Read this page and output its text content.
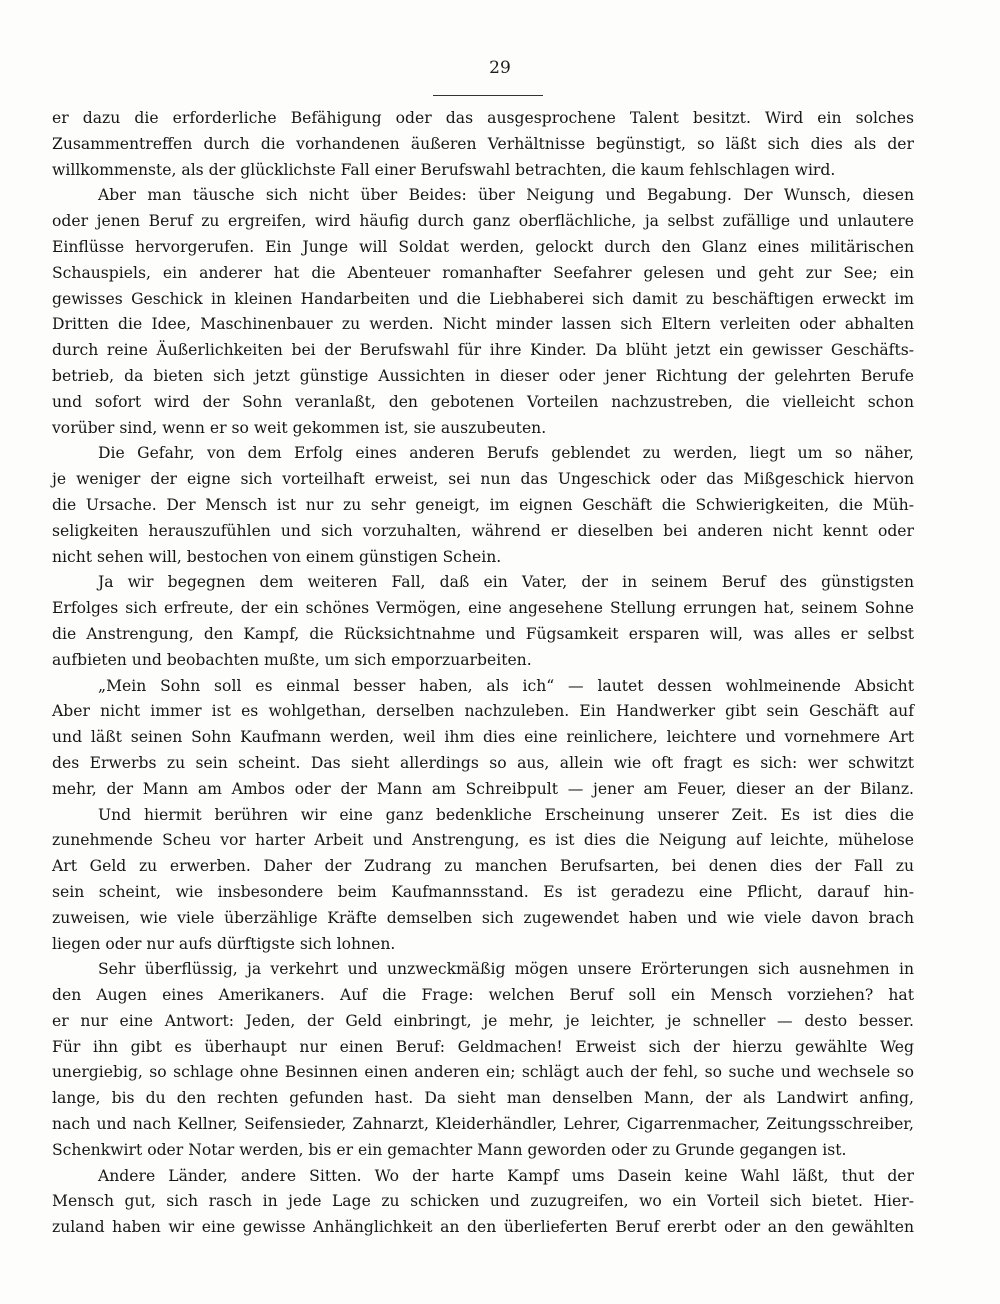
29
er dazu die erforderliche Befähigung oder das ausgesprochene Talent besitzt. Wird ein solches
Zusammentreffen durch die vorhandenen äußeren Verhältnisse begünstigt, so läßt sich dies als der
willkommenste, als der glücklichste Fall einer Berufswahl betrachten, die kaum fehlschlagen wird.
Aber man täusche sich nicht über Beides: über Neigung und Begabung. Der Wunsch, diesen
oder jenen Beruf zu ergreifen, wird häufig durch ganz oberflächliche, ja selbst zufällige und unlautere
Einflüsse hervorgerufen. Ein Junge will Soldat werden, gelockt durch den Glanz eines militärischen
Schauspiels, ein anderer hat die Abenteuer romanhafter Seefahrer gelesen und geht zur See; ein
gewisses Geschick in kleinen Handarbeiten und die Liebhaberei sich damit zu beschäftigen erweckt im
Dritten die Idee, Maschinenbauer zu werden. Nicht minder lassen sich Eltern verleiten oder abhalten
durch reine Äußerlichkeiten bei der Berufswahl für ihre Kinder. Da blüht jetzt ein gewisser Geschäfts-
betrieb, da bieten sich jetzt günstige Aussichten in dieser oder jener Richtung der gelehrten Berufe
und sofort wird der Sohn veranlaßt, den gebotenen Vorteilen nachzustreben, die vielleicht schon
vorüber sind, wenn er so weit gekommen ist, sie auszubeuten.
Die Gefahr, von dem Erfolg eines anderen Berufs geblendet zu werden, liegt um so näher,
je weniger der eigne sich vorteilhaft erweist, sei nun das Ungeschick oder das Mißgeschick hiervon
die Ursache. Der Mensch ist nur zu sehr geneigt, im eignen Geschäft die Schwierigkeiten, die Müh-
seligkeiten herauszufühlen und sich vorzuhalten, während er dieselben bei anderen nicht kennt oder
nicht sehen will, bestochen von einem günstigen Schein.
Ja wir begegnen dem weiteren Fall, daß ein Vater, der in seinem Beruf des günstigsten
Erfolges sich erfreute, der ein schönes Vermögen, eine angesehene Stellung errungen hat, seinem Sohne
die Anstrengung, den Kampf, die Rücksichtnahme und Fügsamkeit ersparen will, was alles er selbst
aufbieten und beobachten mußte, um sich emporzuarbeiten.
„Mein Sohn soll es einmal besser haben, als ich“ — lautet dessen wohlmeinende Absicht
Aber nicht immer ist es wohlgethan, derselben nachzuleben. Ein Handwerker gibt sein Geschäft auf
und läßt seinen Sohn Kaufmann werden, weil ihm dies eine reinlichere, leichtere und vornehmere Art
des Erwerbs zu sein scheint. Das sieht allerdings so aus, allein wie oft fragt es sich: wer schwitzt
mehr, der Mann am Ambos oder der Mann am Schreibpult — jener am Feuer, dieser an der Bilanz.
Und hiermit berühren wir eine ganz bedenkliche Erscheinung unserer Zeit. Es ist dies die
zunehmende Scheu vor harter Arbeit und Anstrengung, es ist dies die Neigung auf leichte, mühelose
Art Geld zu erwerben. Daher der Zudrang zu manchen Berufsarten, bei denen dies der Fall zu
sein scheint, wie insbesondere beim Kaufmannsstand. Es ist geradezu eine Pflicht, darauf hin-
zuweisen, wie viele überzählige Kräfte demselben sich zugewendet haben und wie viele davon brach
liegen oder nur aufs dürftigste sich lohnen.
Sehr überflüssig, ja verkehrt und unzweckmäßig mögen unsere Erörterungen sich ausnehmen in
den Augen eines Amerikaners. Auf die Frage: welchen Beruf soll ein Mensch vorziehen? hat
er nur eine Antwort: Jeden, der Geld einbringt, je mehr, je leichter, je schneller — desto besser.
Für ihn gibt es überhaupt nur einen Beruf: Geldmachen! Erweist sich der hierzu gewählte Weg
unergiebig, so schlage ohne Besinnen einen anderen ein; schlägt auch der fehl, so suche und wechsele so
lange, bis du den rechten gefunden hast. Da sieht man denselben Mann, der als Landwirt anfing,
nach und nach Kellner, Seifensieder, Zahnarzt, Kleiderhändler, Lehrer, Cigarrenmacher, Zeitungsschreiber,
Schenkwirt oder Notar werden, bis er ein gemachter Mann geworden oder zu Grunde gegangen ist.
Andere Länder, andere Sitten. Wo der harte Kampf ums Dasein keine Wahl läßt, thut der
Mensch gut, sich rasch in jede Lage zu schicken und zuzugreifen, wo ein Vorteil sich bietet. Hier-
zuland haben wir eine gewisse Anhänglichkeit an den überlieferten Beruf ererbt oder an den gewählten
